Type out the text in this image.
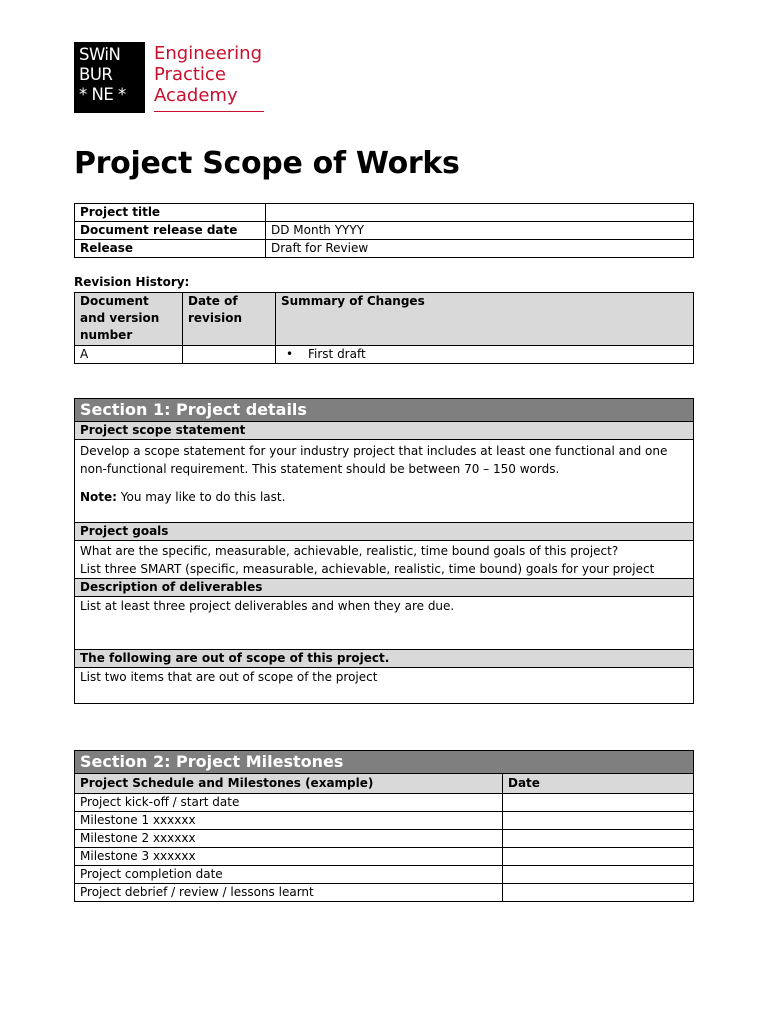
SWiN
BUR
* NE *
Engineering
Practice
Academy
Project Scope of Works
Project title	
Document release date	DD Month YYYY
Release	Draft for Review
Revision History:
Document and version number	Date of revision	Summary of Changes
A		• First draft
Section 1: Project details
Project scope statement

Develop a scope statement for your industry project that includes at least one functional and one non-functional requirement. This statement should be between 70 – 150 words.

Note: You may like to do this last.

Project goals

What are the specific, measurable, achievable, realistic, time bound goals of this project?
List three SMART (specific, measurable, achievable, realistic, time bound) goals for your project

Description of deliverables
List at least three project deliverables and when they are due.
The following are out of scope of this project.
List two items that are out of scope of the project
Section 2: Project Milestones	
Project Schedule and Milestones (example)	Date
Project kick-off / start date	
Milestone 1 xxxxxx	
Milestone 2 xxxxxx	
Milestone 3 xxxxxx	
Project completion date	
Project debrief / review / lessons learnt	
